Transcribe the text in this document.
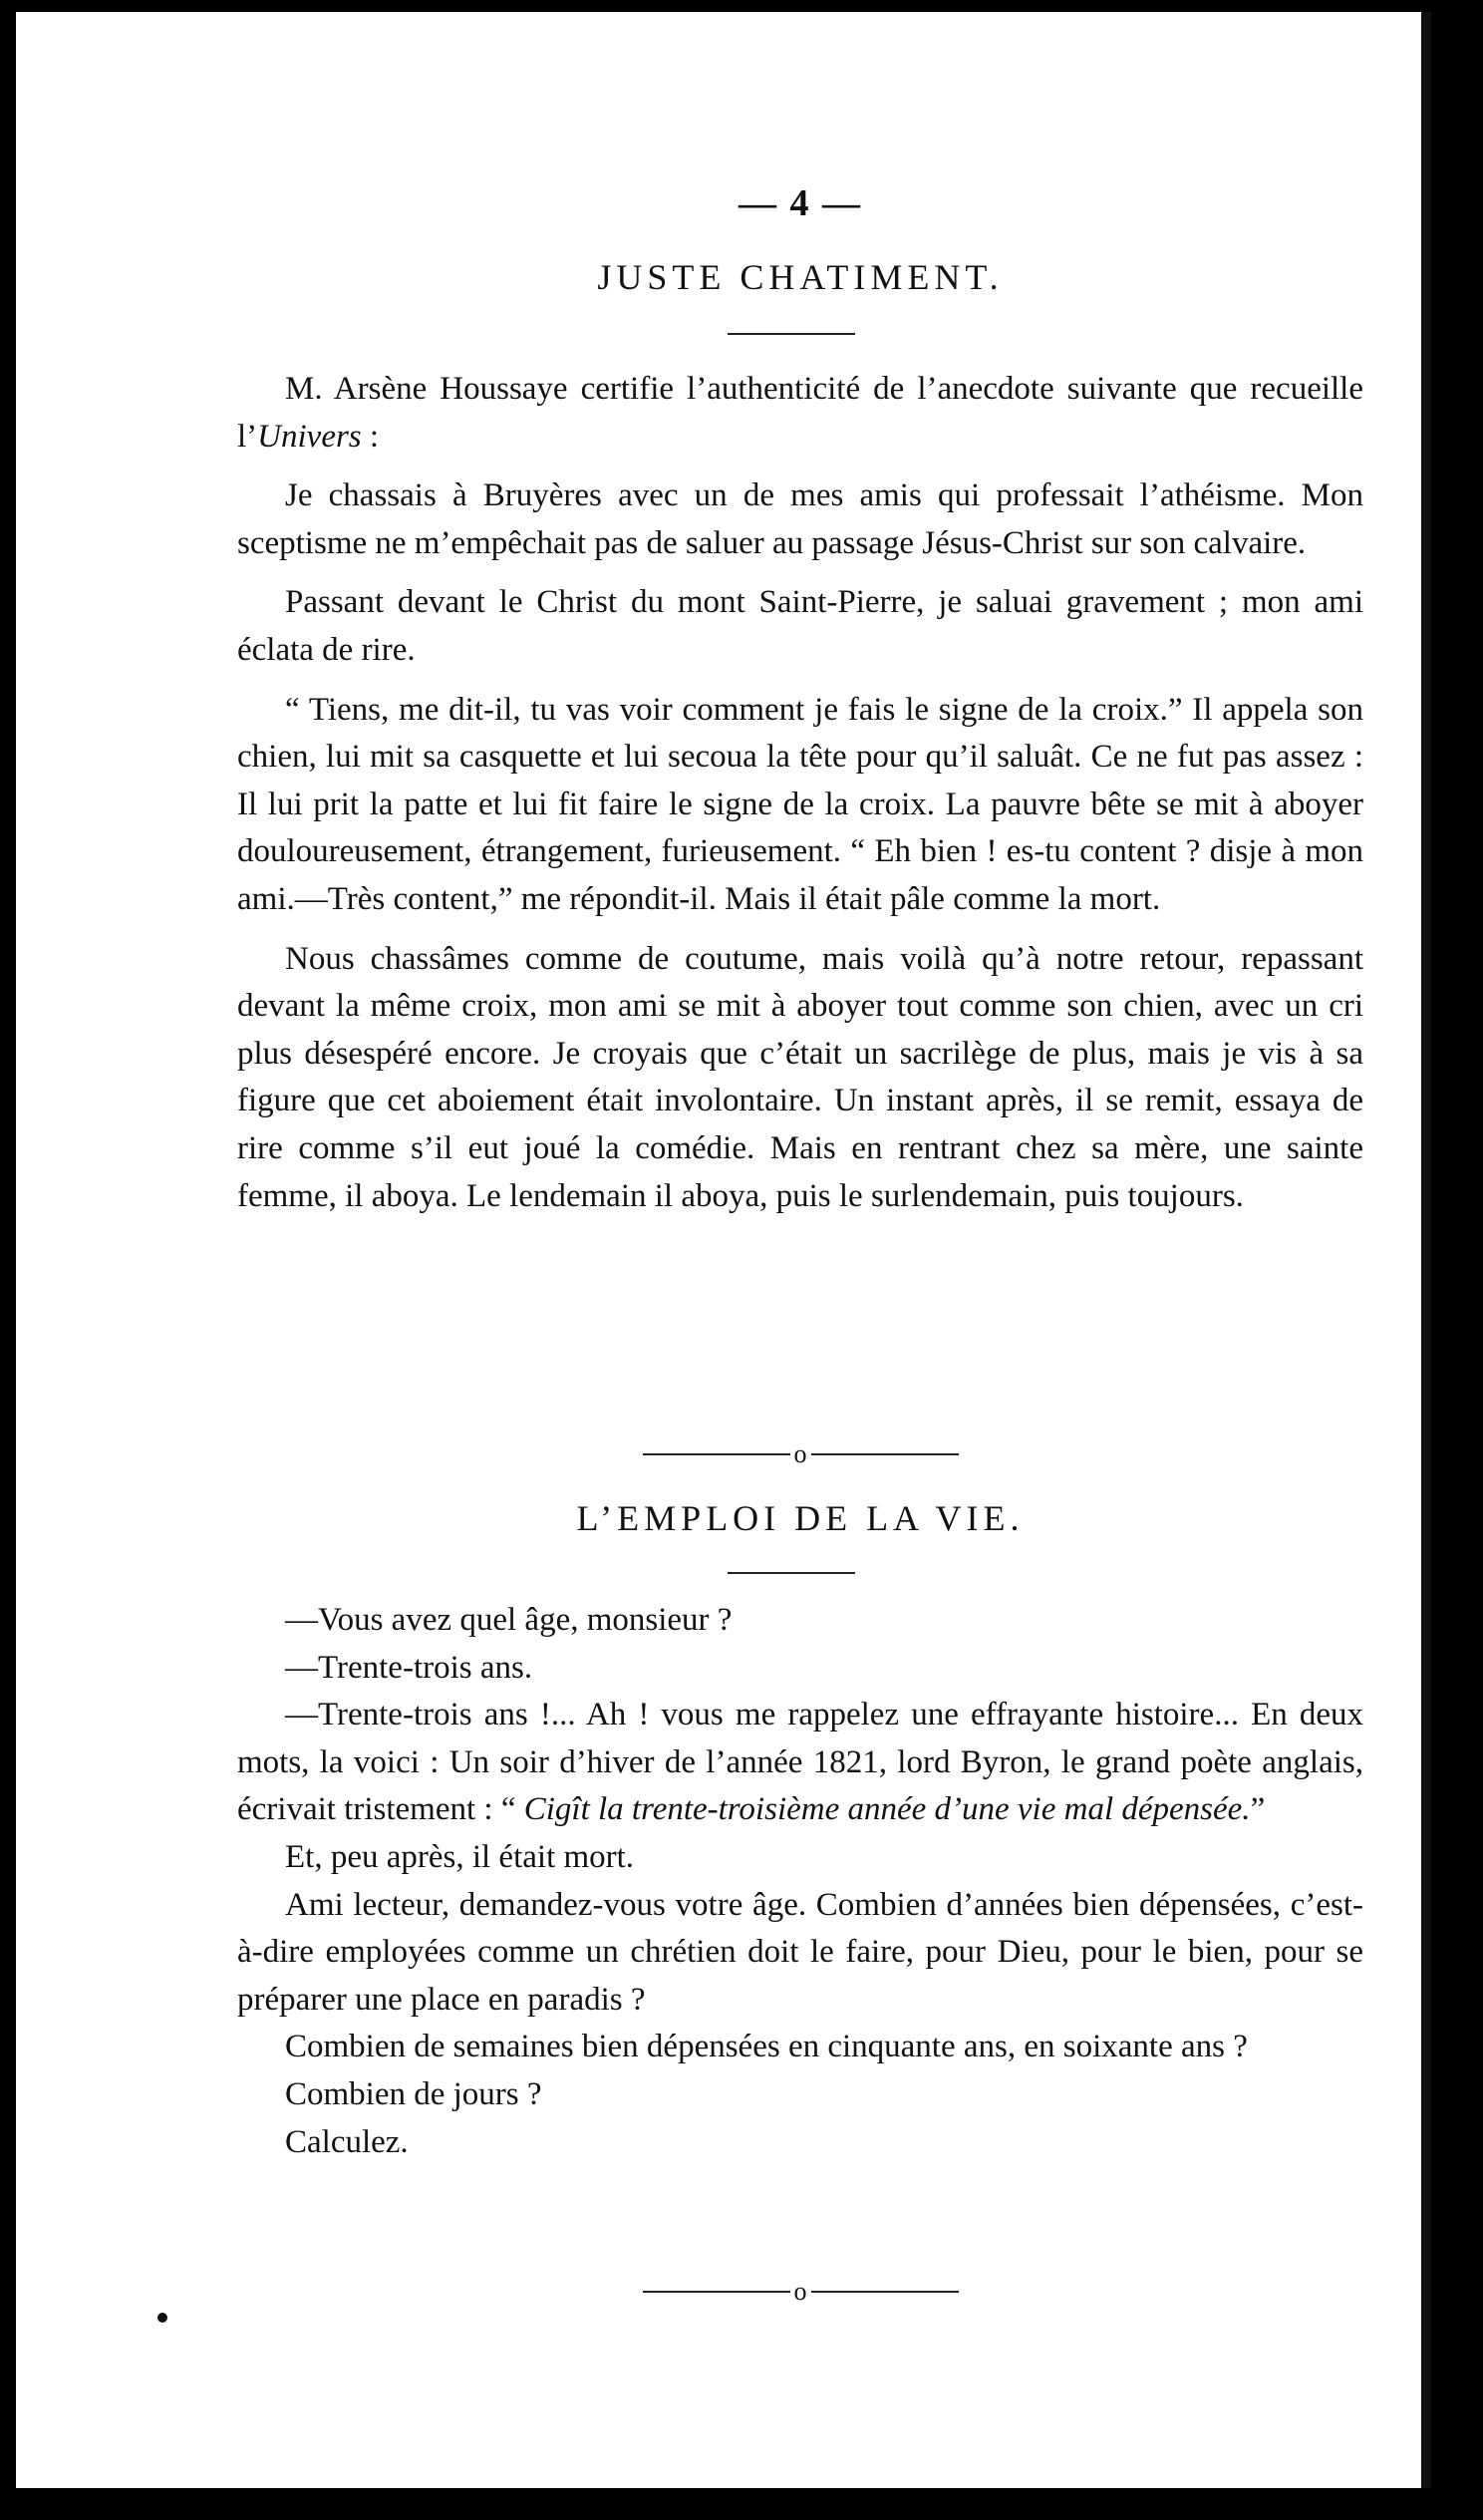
— 4 —
JUSTE CHATIMENT.

M. Arsène Houssaye certifie l’authenticité de l’anecdote suivante que recueille l’Univers :

Je chassais à Bruyères avec un de mes amis qui professait l’athéisme. Mon sceptisme ne m’empêchait pas de saluer au passage Jésus-Christ sur son calvaire.

Passant devant le Christ du mont Saint-Pierre, je saluai gravement ; mon ami éclata de rire.

“ Tiens, me dit-il, tu vas voir comment je fais le signe de la croix.” Il appela son chien, lui mit sa casquette et lui secoua la tête pour qu’il saluât. Ce ne fut pas assez : Il lui prit la patte et lui fit faire le signe de la croix. La pauvre bête se mit à aboyer douloureusement, étrangement, furieusement. “ Eh bien ! es-tu content ? disje à mon ami.—Très content,” me répondit-il. Mais il était pâle comme la mort.

Nous chassâmes comme de coutume, mais voilà qu’à notre retour, repassant devant la même croix, mon ami se mit à aboyer tout comme son chien, avec un cri plus désespéré encore. Je croyais que c’était un sacrilège de plus, mais je vis à sa figure que cet aboiement était involontaire. Un instant après, il se remit, essaya de rire comme s’il eut joué la comédie. Mais en rentrant chez sa mère, une sainte femme, il aboya. Le lendemain il aboya, puis le surlendemain, puis toujours.

o
L’EMPLOI DE LA VIE.

—Vous avez quel âge, monsieur ?

—Trente-trois ans.

—Trente-trois ans !... Ah ! vous me rappelez une effrayante histoire... En deux mots, la voici : Un soir d’hiver de l’année 1821, lord Byron, le grand poète anglais, écrivait tristement : “ Cigît la trente-troisième année d’une vie mal dépensée.”

Et, peu après, il était mort.

Ami lecteur, demandez-vous votre âge. Combien d’années bien dépensées, c’est-à-dire employées comme un chrétien doit le faire, pour Dieu, pour le bien, pour se préparer une place en paradis ?

Combien de semaines bien dépensées en cinquante ans, en soixante ans ?

Combien de jours ?

Calculez.

o
